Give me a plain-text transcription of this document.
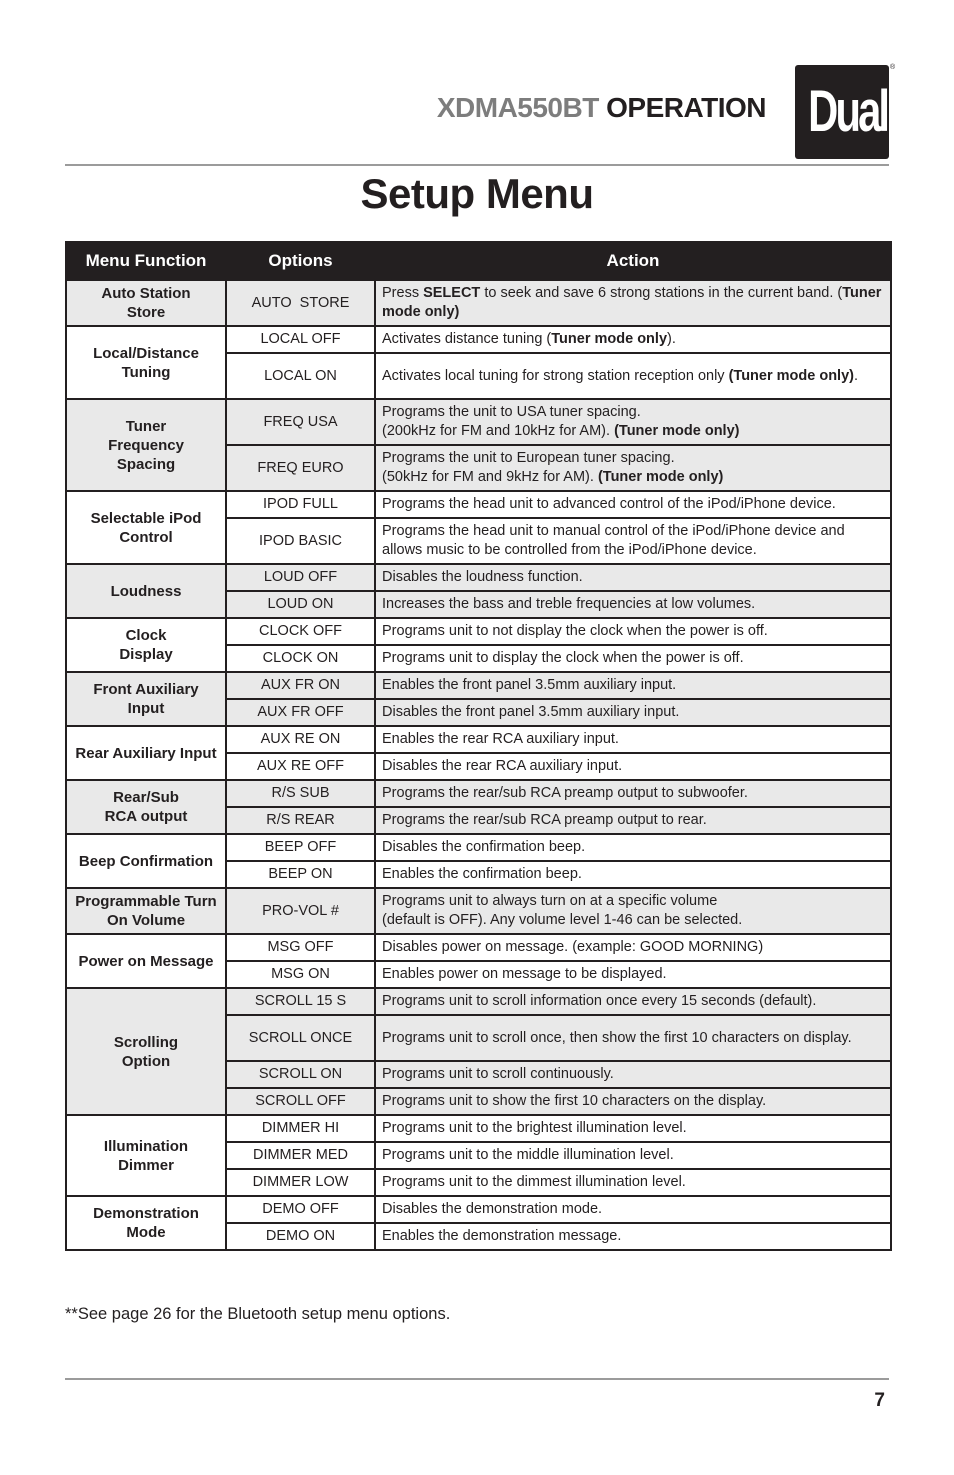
XDMA550BT OPERATION Dual
®
Setup Menu
Menu Function	Options	Action
Auto Station
Store	AUTO  STORE	Press SELECT to seek and save 6 strong stations in the current band. (Tuner mode only)
Local/Distance
Tuning	LOCAL OFF	Activates distance tuning (Tuner mode only).
	LOCAL ON	Activates local tuning for strong station reception only (Tuner mode only).
Tuner
Frequency
Spacing	FREQ USA	Programs the unit to USA tuner spacing.
(200kHz for FM and 10kHz for AM). (Tuner mode only)
	FREQ EURO	Programs the unit to European tuner spacing.
(50kHz for FM and 9kHz for AM). (Tuner mode only)
Selectable iPod
Control	IPOD FULL	Programs the head unit to advanced control of the iPod/iPhone device.
	IPOD BASIC	Programs the head unit to manual control of the iPod/iPhone device and allows music to be controlled from the iPod/iPhone device.
Loudness	LOUD OFF	Disables the loudness function.
	LOUD ON	Increases the bass and treble frequencies at low volumes.
Clock
Display	CLOCK OFF	Programs unit to not display the clock when the power is off.
	CLOCK ON	Programs unit to display the clock when the power is off.
Front Auxiliary
Input	AUX FR ON	Enables the front panel 3.5mm auxiliary input.
	AUX FR OFF	Disables the front panel 3.5mm auxiliary input.
Rear Auxiliary Input	AUX RE ON	Enables the rear RCA auxiliary input.
	AUX RE OFF	Disables the rear RCA auxiliary input.
Rear/Sub
RCA output	R/S SUB	Programs the rear/sub RCA preamp output to subwoofer.
	R/S REAR	Programs the rear/sub RCA preamp output to rear.
Beep Confirmation	BEEP OFF	Disables the confirmation beep.
	BEEP ON	Enables the confirmation beep.
Programmable Turn
On Volume	PRO-VOL #	Programs unit to always turn on at a specific volume
(default is OFF). Any volume level 1-46 can be selected.
Power on Message	MSG OFF	Disables power on message. (example: GOOD MORNING)
	MSG ON	Enables power on message to be displayed.
Scrolling
Option	SCROLL 15 S	Programs unit to scroll information once every 15 seconds (default).
	SCROLL ONCE	Programs unit to scroll once, then show the first 10 characters on display.
	SCROLL ON	Programs unit to scroll continuously.
	SCROLL OFF	Programs unit to show the first 10 characters on the display.
Illumination
Dimmer	DIMMER HI	Programs unit to the brightest illumination level.
	DIMMER MED	Programs unit to the middle illumination level.
	DIMMER LOW	Programs unit to the dimmest illumination level.
Demonstration
Mode	DEMO OFF	Disables the demonstration mode.
	DEMO ON	Enables the demonstration message.
**See page 26 for the Bluetooth setup menu options.
7
